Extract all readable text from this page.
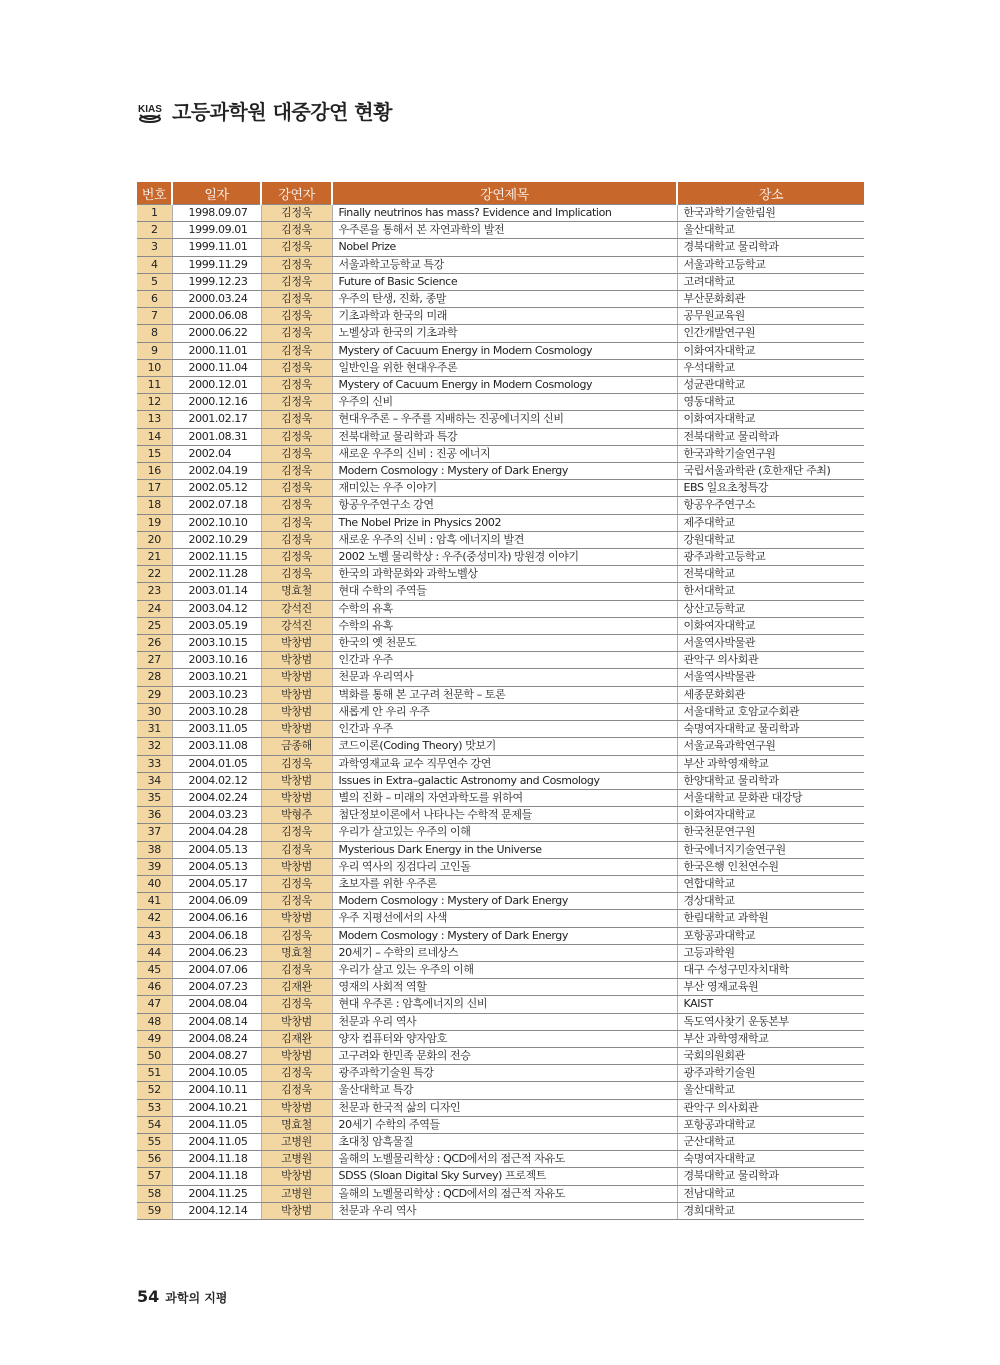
KIAS 고등과학원 대중강연 현황
번호	일자	강연자	강연제목	장소
1	1998.09.07	김정욱	Finally neutrinos has mass? Evidence and Implication	한국과학기술한림원
2	1999.09.01	김정욱	우주론을 통해서 본 자연과학의 발전	울산대학교
3	1999.11.01	김정욱	Nobel Prize	경북대학교 물리학과
4	1999.11.29	김정욱	서울과학고등학교 특강	서울과학고등학교
5	1999.12.23	김정욱	Future of Basic Science	고려대학교
6	2000.03.24	김정욱	우주의 탄생, 진화, 종말	부산문화회관
7	2000.06.08	김정욱	기초과학과 한국의 미래	공무원교육원
8	2000.06.22	김정욱	노벨상과 한국의 기초과학	인간개발연구원
9	2000.11.01	김정욱	Mystery of Cacuum Energy in Modern Cosmology	이화여자대학교
10	2000.11.04	김정욱	일반인을 위한 현대우주론	우석대학교
11	2000.12.01	김정욱	Mystery of Cacuum Energy in Modern Cosmology	성균관대학교
12	2000.12.16	김정욱	우주의 신비	영동대학교
13	2001.02.17	김정욱	현대우주론 – 우주를 지배하는 진공에너지의 신비	이화여자대학교
14	2001.08.31	김정욱	전북대학교 물리학과 특강	전북대학교 물리학과
15	2002.04	김정욱	새로운 우주의 신비 : 진공 에너지	한국과학기술연구원
16	2002.04.19	김정욱	Modern Cosmology : Mystery of Dark Energy	국립서울과학관 (호한재단 주최)
17	2002.05.12	김정욱	재미있는 우주 이야기	EBS 일요초청특강
18	2002.07.18	김정욱	항공우주연구소 강연	항공우주연구소
19	2002.10.10	김정욱	The Nobel Prize in Physics 2002	제주대학교
20	2002.10.29	김정욱	새로운 우주의 신비 : 암흑 에너지의 발견	강원대학교
21	2002.11.15	김정욱	2002 노벨 물리학상 : 우주(중성미자) 망원경 이야기	광주과학고등학교
22	2002.11.28	김정욱	한국의 과학문화와 과학노벨상	전북대학교
23	2003.01.14	명효철	현대 수학의 주역들	한서대학교
24	2003.04.12	강석진	수학의 유혹	상산고등학교
25	2003.05.19	강석진	수학의 유혹	이화여자대학교
26	2003.10.15	박창범	한국의 옛 천문도	서울역사박물관
27	2003.10.16	박창범	인간과 우주	관악구 의사회관
28	2003.10.21	박창범	천문과 우리역사	서울역사박물관
29	2003.10.23	박창범	벽화를 통해 본 고구려 천문학 – 토론	세종문화회관
30	2003.10.28	박창범	새롭게 안 우리 우주	서울대학교 호암교수회관
31	2003.11.05	박창범	인간과 우주	숙명여자대학교 물리학과
32	2003.11.08	금종해	코드이론(Coding Theory) 맛보기	서울교육과학연구원
33	2004.01.05	김정욱	과학영재교육 교수 직무연수 강연	부산 과학영재학교
34	2004.02.12	박창범	Issues in Extra–galactic Astronomy and Cosmology	한양대학교 물리학과
35	2004.02.24	박창범	별의 진화 – 미래의 자연과학도를 위하여	서울대학교 문화관 대강당
36	2004.03.23	박형주	첨단정보이론에서 나타나는 수학적 문제들	이화여자대학교
37	2004.04.28	김정욱	우리가 살고있는 우주의 이해	한국천문연구원
38	2004.05.13	김정욱	Mysterious Dark Energy in the Universe	한국에너지기술연구원
39	2004.05.13	박창범	우리 역사의 징검다리 고인돌	한국은행 인천연수원
40	2004.05.17	김정욱	초보자를 위한 우주론	연합대학교
41	2004.06.09	김정욱	Modern Cosmology : Mystery of Dark Energy	경상대학교
42	2004.06.16	박창범	우주 지평선에서의 사색	한림대학교 과학원
43	2004.06.18	김정욱	Modern Cosmology : Mystery of Dark Energy	포항공과대학교
44	2004.06.23	명효철	20세기 – 수학의 르네상스	고등과학원
45	2004.07.06	김정욱	우리가 살고 있는 우주의 이해	대구 수성구민자치대학
46	2004.07.23	김재완	영재의 사회적 역할	부산 영재교육원
47	2004.08.04	김정욱	현대 우주론 : 암흑에너지의 신비	KAIST
48	2004.08.14	박창범	천문과 우리 역사	독도역사찾기 운동본부
49	2004.08.24	김재완	양자 컴퓨터와 양자암호	부산 과학영재학교
50	2004.08.27	박창범	고구려와 한민족 문화의 전승	국회의원회관
51	2004.10.05	김정욱	광주과학기술원 특강	광주과학기술원
52	2004.10.11	김정욱	울산대학교 특강	울산대학교
53	2004.10.21	박창범	천문과 한국적 삶의 디자인	관악구 의사회관
54	2004.11.05	명효철	20세기 수학의 주역들	포항공과대학교
55	2004.11.05	고병원	초대칭 암흑물질	군산대학교
56	2004.11.18	고병원	올해의 노벨물리학상 : QCD에서의 점근적 자유도	숙명여자대학교
57	2004.11.18	박창범	SDSS (Sloan Digital Sky Survey) 프로젝트	경북대학교 물리학과
58	2004.11.25	고병원	올해의 노벨물리학상 : QCD에서의 점근적 자유도	전남대학교
59	2004.12.14	박창범	천문과 우리 역사	경희대학교
54 과학의 지평
